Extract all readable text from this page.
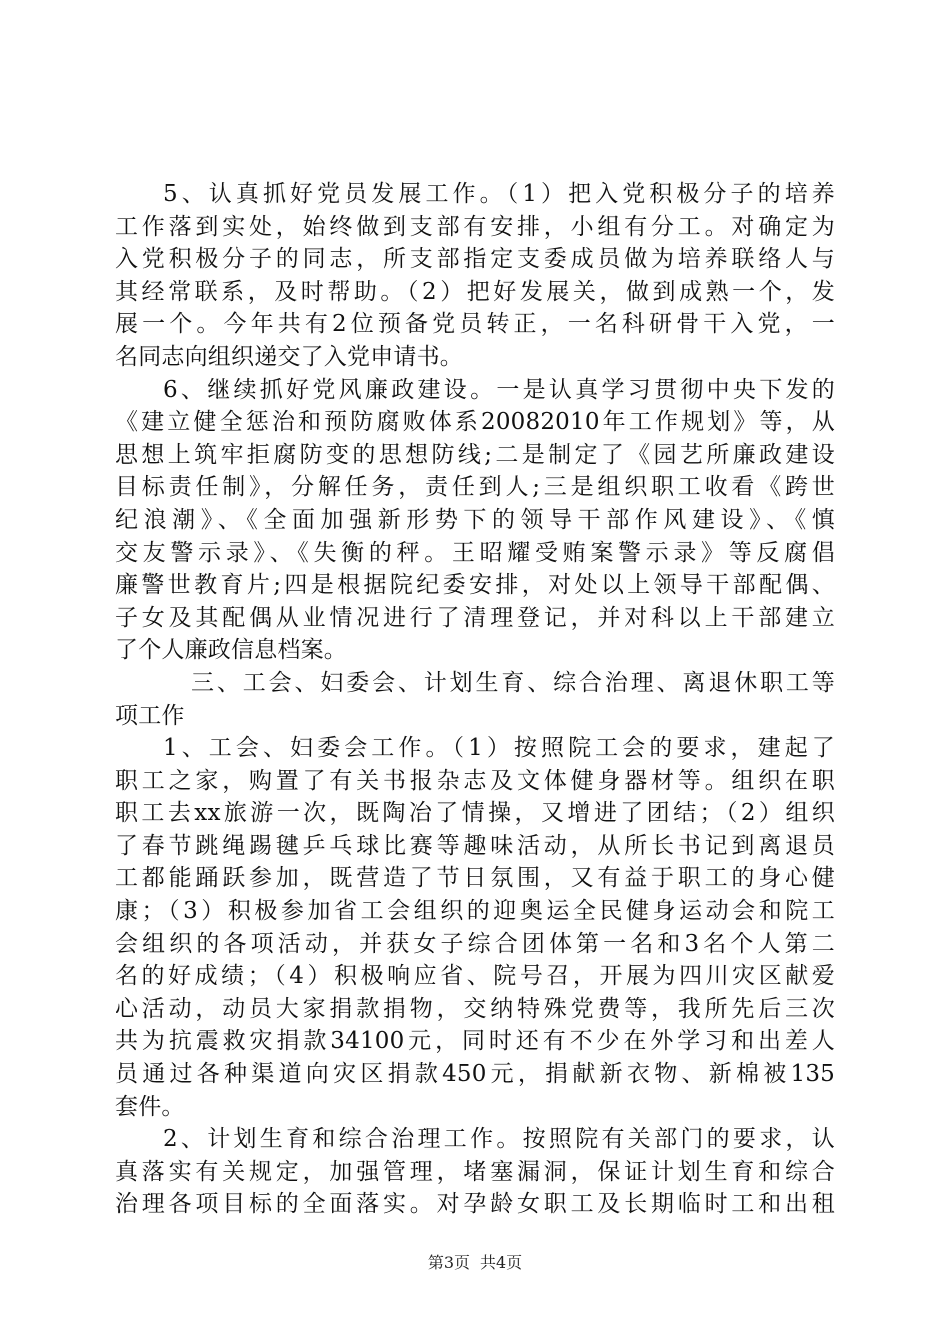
5、认真抓好党员发展工作。（1）把入党积极分子的培养
工作落到实处，始终做到支部有安排，小组有分工。对确定为
入党积极分子的同志，所支部指定支委成员做为培养联络人与
其经常联系，及时帮助。（2）把好发展关，做到成熟一个，发
展一个。今年共有2位预备党员转正，一名科研骨干入党，一
名同志向组织递交了入党申请书。
6、继续抓好党风廉政建设。一是认真学习贯彻中央下发的
《建立健全惩治和预防腐败体系20082010年工作规划》等，从
思想上筑牢拒腐防变的思想防线;二是制定了《园艺所廉政建设
目标责任制》，分解任务，责任到人;三是组织职工收看《跨世
纪浪潮》、《全面加强新形势下的领导干部作风建设》、《慎
交友警示录》、《失衡的秤。王昭耀受贿案警示录》等反腐倡
廉警世教育片;四是根据院纪委安排，对处以上领导干部配偶、
子女及其配偶从业情况进行了清理登记，并对科以上干部建立
了个人廉政信息档案。
三、工会、妇委会、计划生育、综合治理、离退休职工等
项工作
1、工会、妇委会工作。（1）按照院工会的要求，建起了
职工之家，购置了有关书报杂志及文体健身器材等。组织在职
职工去xx旅游一次，既陶冶了情操，又增进了团结；（2）组织
了春节跳绳踢毽乒乓球比赛等趣味活动，从所长书记到离退员
工都能踊跃参加，既营造了节日氛围，又有益于职工的身心健
康；（3）积极参加省工会组织的迎奥运全民健身运动会和院工
会组织的各项活动，并获女子综合团体第一名和3名个人第二
名的好成绩；（4）积极响应省、院号召，开展为四川灾区献爱
心活动，动员大家捐款捐物，交纳特殊党费等，我所先后三次
共为抗震救灾捐款34100元，同时还有不少在外学习和出差人
员通过各种渠道向灾区捐款450元，捐献新衣物、新棉被135
套件。
2、计划生育和综合治理工作。按照院有关部门的要求，认
真落实有关规定，加强管理，堵塞漏洞，保证计划生育和综合
治理各项目标的全面落实。对孕龄女职工及长期临时工和出租
第3页 共4页
